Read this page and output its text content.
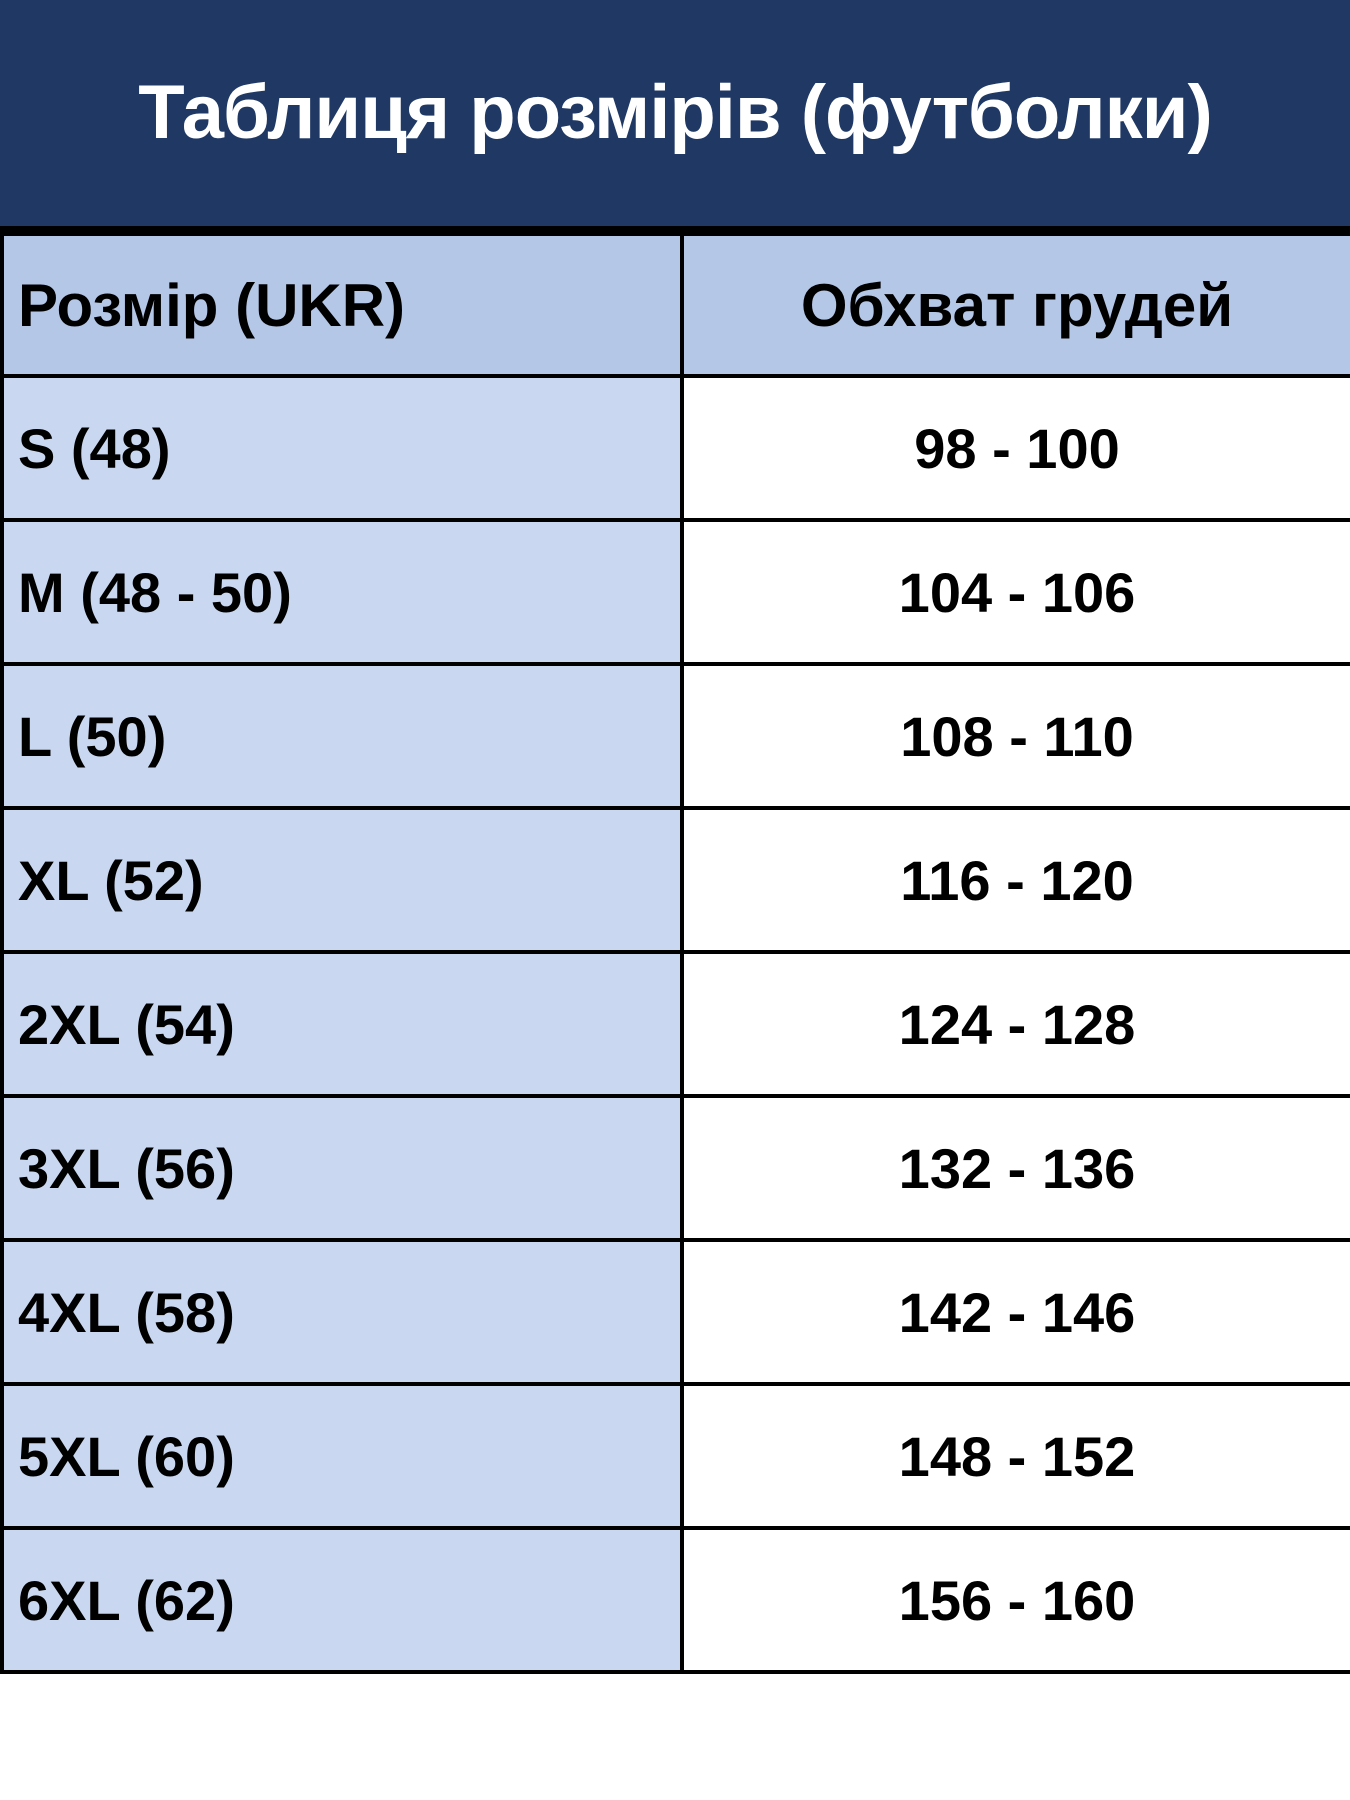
Таблиця розмірів (футболки)
Розмір (UKR)	Обхват грудей
S (48)	98 - 100
M (48 - 50)	104 - 106
L (50)	108 - 110
XL (52)	116 - 120
2XL (54)	124 - 128
3XL (56)	132 - 136
4XL (58)	142 - 146
5XL (60)	148 - 152
6XL (62)	156 - 160
